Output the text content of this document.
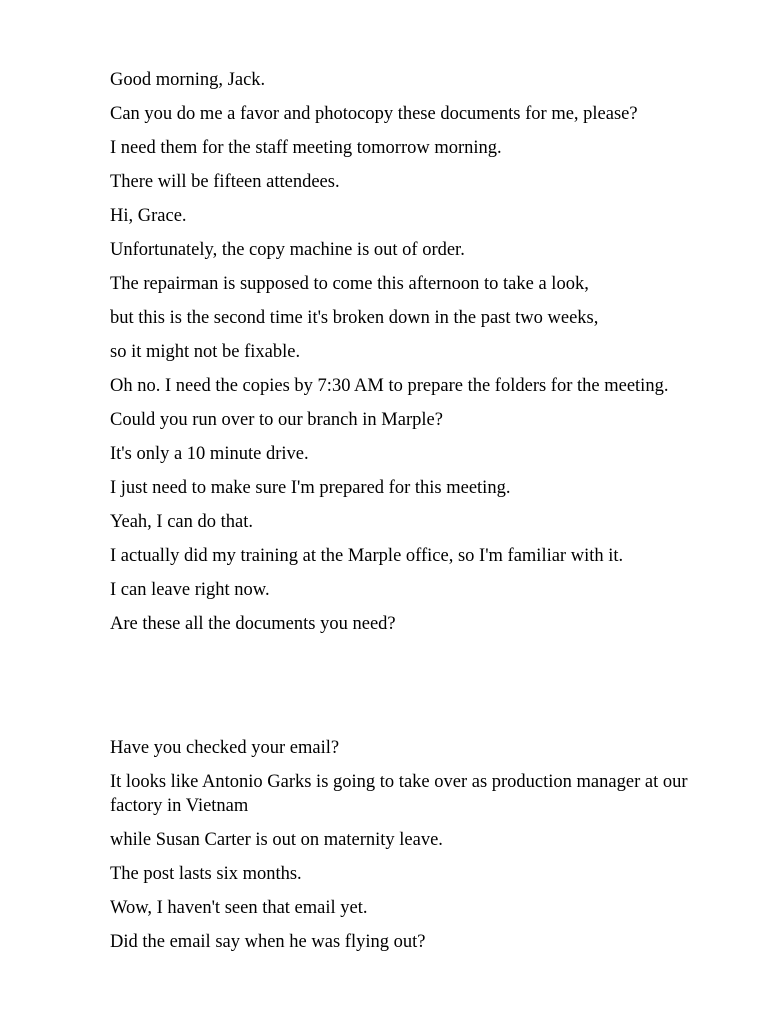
Good morning, Jack.

Can you do me a favor and photocopy these documents for me, please?

I need them for the staff meeting tomorrow morning.

There will be fifteen attendees.

Hi, Grace.

Unfortunately, the copy machine is out of order.

The repairman is supposed to come this afternoon to take a look,

but this is the second time it's broken down in the past two weeks,

so it might not be fixable.

Oh no. I need the copies by 7:30 AM to prepare the folders for the meeting.

Could you run over to our branch in Marple?

It's only a 10 minute drive.

I just need to make sure I'm prepared for this meeting.

Yeah, I can do that.

I actually did my training at the Marple office, so I'm familiar with it.

I can leave right now.

Are these all the documents you need?

Have you checked your email?

It looks like Antonio Garks is going to take over as production manager at our factory in Vietnam

while Susan Carter is out on maternity leave.

The post lasts six months.

Wow, I haven't seen that email yet.

Did the email say when he was flying out?
